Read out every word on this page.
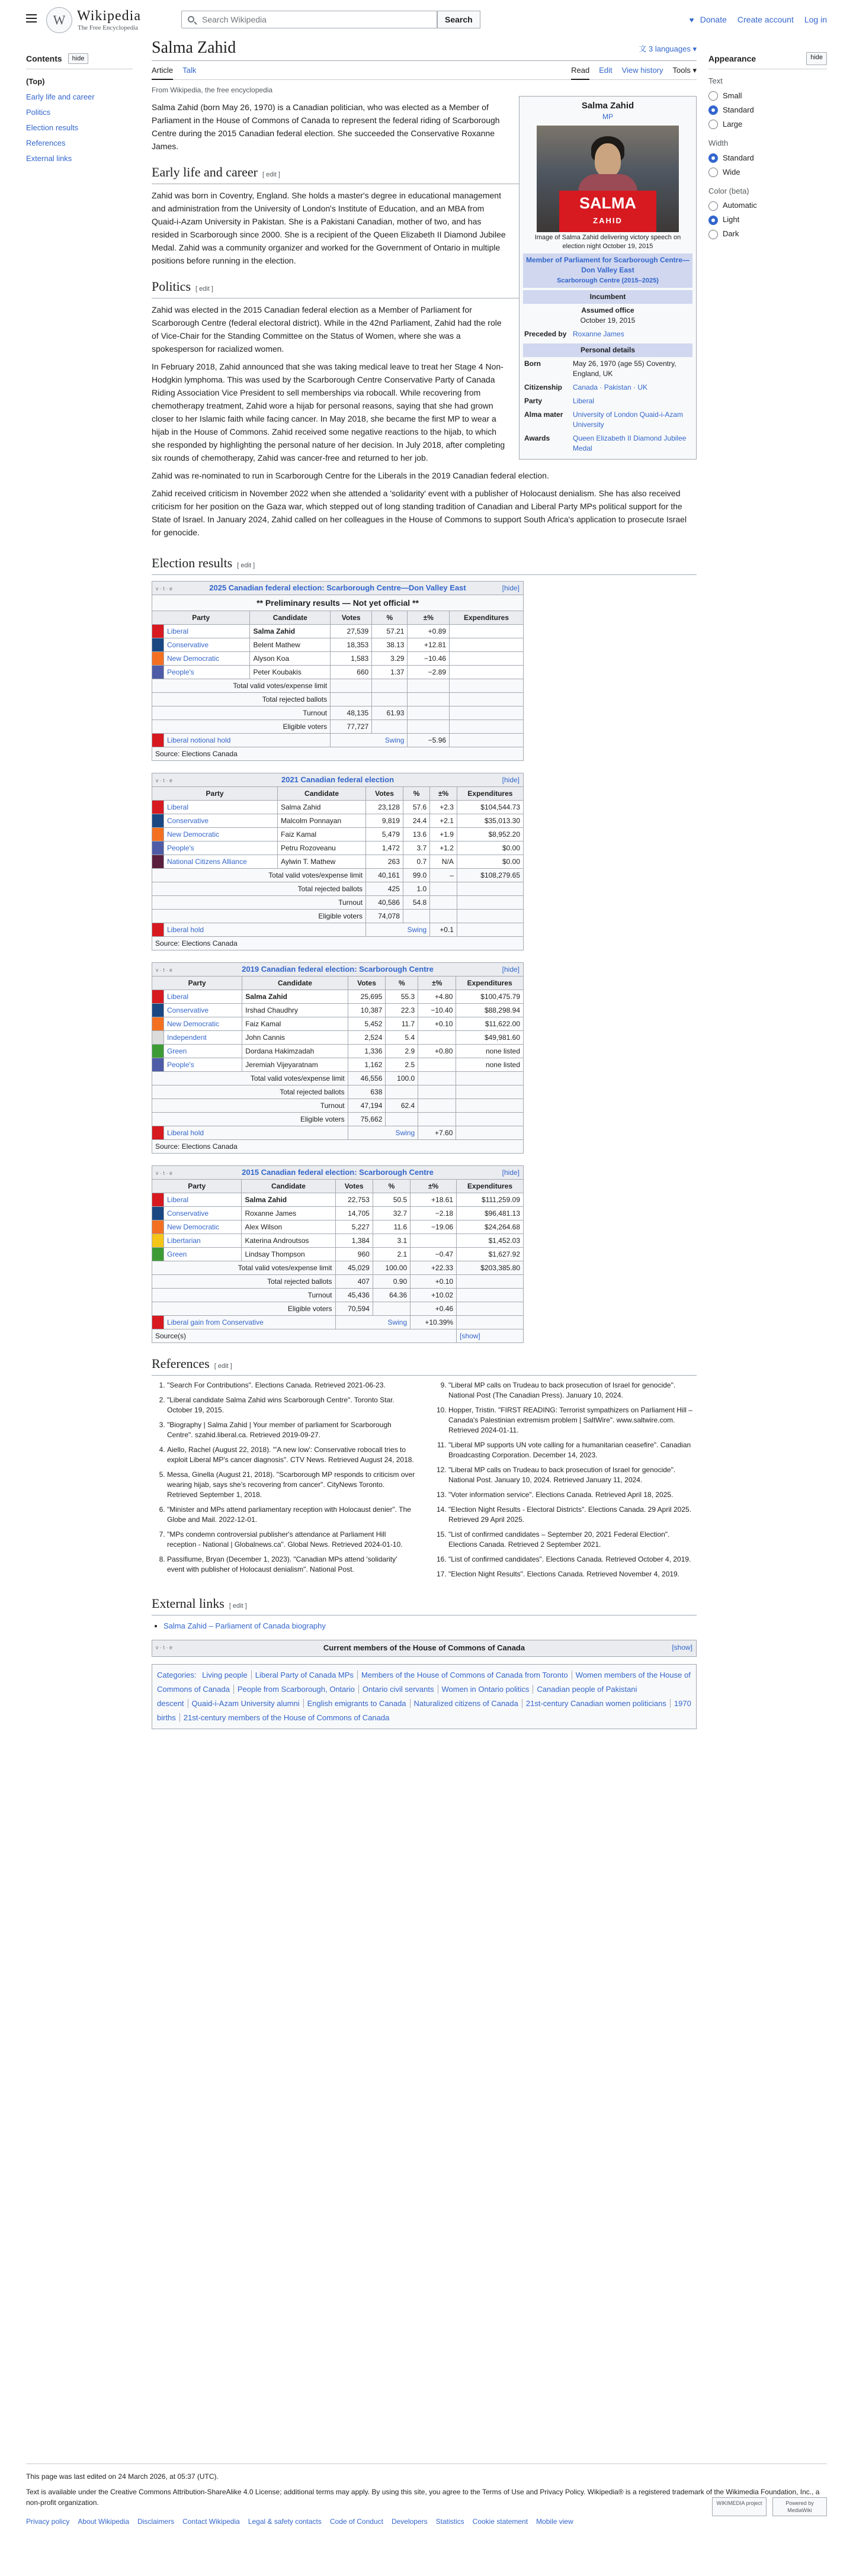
W Wikipedia
The Free Encyclopedia
Search Wikipedia	Search	♥ Donate Create account Log in
Contents	hide
(Top)
Early life and career
Politics
Election results
References
External links
Appearance	hide
Text
Small
Standard
Large
Width
Standard
Wide
Color (beta)
Automatic
Light
Dark
Salma Zahid	文 3 languages ▾
Article Talk	Read Edit View history Tools ▾
From Wikipedia, the free encyclopedia
Salma Zahid
MP
SALMA
ZAHID
Image of Salma Zahid delivering victory speech on election night October 19, 2015
Member of Parliament for Scarborough Centre—Don Valley East
Scarborough Centre (2015–2025)
Incumbent
Assumed office
October 19, 2015
Preceded by Roxanne James
Personal details
Born	May 26, 1970 (age 55) Coventry, England, UK
Citizenship	Canada · Pakistan · UK
Party	Liberal
Alma mater	University of London Quaid-i-Azam University
Awards	Queen Elizabeth II Diamond Jubilee Medal

Salma Zahid (born May 26, 1970) is a Canadian politician, who was elected as a Member of Parliament in the House of Commons of Canada to represent the federal riding of Scarborough Centre during the 2015 Canadian federal election. She succeeded the Conservative Roxanne James.

Early life and career [ edit ]

Zahid was born in Coventry, England. She holds a master's degree in educational management and administration from the University of London's Institute of Education, and an MBA from Quaid-i-Azam University in Pakistan. She is a Pakistani Canadian, mother of two, and has resided in Scarborough since 2000. She is a recipient of the Queen Elizabeth II Diamond Jubilee Medal. Zahid was a community organizer and worked for the Government of Ontario in multiple positions before running in the election.

Politics [ edit ]

Zahid was elected in the 2015 Canadian federal election as a Member of Parliament for Scarborough Centre (federal electoral district). While in the 42nd Parliament, Zahid had the role of Vice-Chair for the Standing Committee on the Status of Women, where she was a spokesperson for racialized women.

In February 2018, Zahid announced that she was taking medical leave to treat her Stage 4 Non-Hodgkin lymphoma. This was used by the Scarborough Centre Conservative Party of Canada Riding Association Vice President to sell memberships via robocall. While recovering from chemotherapy treatment, Zahid wore a hijab for personal reasons, saying that she had grown closer to her Islamic faith while facing cancer. In May 2018, she became the first MP to wear a hijab in the House of Commons. Zahid received some negative reactions to the hijab, to which she responded by highlighting the personal nature of her decision. In July 2018, after completing six rounds of chemotherapy, Zahid was cancer-free and returned to her job.

Zahid was re-nominated to run in Scarborough Centre for the Liberals in the 2019 Canadian federal election.

Zahid received criticism in November 2022 when she attended a 'solidarity' event with a publisher of Holocaust denialism. She has also received criticism for her position on the Gaza war, which stepped out of long standing tradition of Canadian and Liberal Party MPs political support for the State of Israel. In January 2024, Zahid called on her colleagues in the House of Commons to support South Africa's application to prosecute Israel for genocide.

Election results [ edit ]
v · t · e	2025 Canadian federal election: Scarborough Centre—Don Valley East	[hide]
** Preliminary results — Not yet official **						
Party		Candidate	Votes	%	±%	Expenditures
	Liberal	Salma Zahid	27,539	57.21	+0.89	
	Conservative	Belent Mathew	18,353	38.13	+12.81	
	New Democratic	Alyson Koa	1,583	3.29	−10.46	
	People's	Peter Koubakis	660	1.37	−2.89	
Total valid votes/expense limit						
Total rejected ballots						
Turnout			48,135	61.93		
Eligible voters			77,727			
	Liberal notional hold		Swing		−5.96	
Source: Elections Canada						
v · t · e	2021 Canadian federal election	[hide]
Party		Candidate	Votes	%	±%	Expenditures
	Liberal	Salma Zahid	23,128	57.6	+2.3	$104,544.73
	Conservative	Malcolm Ponnayan	9,819	24.4	+2.1	$35,013.30
	New Democratic	Faiz Kamal	5,479	13.6	+1.9	$8,952.20
	People's	Petru Rozoveanu	1,472	3.7	+1.2	$0.00
	National Citizens Alliance	Aylwin T. Mathew	263	0.7	N/A	$0.00
Total valid votes/expense limit			40,161	99.0	–	$108,279.65
Total rejected ballots			425	1.0		
Turnout			40,586	54.8		
Eligible voters			74,078			
	Liberal hold		Swing		+0.1	
Source: Elections Canada						
v · t · e	2019 Canadian federal election: Scarborough Centre	[hide]
Party		Candidate	Votes	%	±%	Expenditures
	Liberal	Salma Zahid	25,695	55.3	+4.80	$100,475.79
	Conservative	Irshad Chaudhry	10,387	22.3	−10.40	$88,298.94
	New Democratic	Faiz Kamal	5,452	11.7	+0.10	$11,622.00
	Independent	John Cannis	2,524	5.4		$49,981.60
	Green	Dordana Hakimzadah	1,336	2.9	+0.80	none listed
	People's	Jeremiah Vijeyaratnam	1,162	2.5		none listed
Total valid votes/expense limit			46,556	100.0		
Total rejected ballots			638			
Turnout			47,194	62.4		
Eligible voters			75,662			
	Liberal hold		Swing		+7.60	
Source: Elections Canada						
v · t · e	2015 Canadian federal election: Scarborough Centre	[hide]
Party		Candidate	Votes	%	±%	Expenditures
	Liberal	Salma Zahid	22,753	50.5	+18.61	$111,259.09
	Conservative	Roxanne James	14,705	32.7	−2.18	$96,481.13
	New Democratic	Alex Wilson	5,227	11.6	−19.06	$24,264.68
	Libertarian	Katerina Androutsos	1,384	3.1		$1,452.03
	Green	Lindsay Thompson	960	2.1	−0.47	$1,627.92
Total valid votes/expense limit			45,029	100.00	+22.33	$203,385.80
Total rejected ballots			407	0.90	+0.10	
Turnout			45,436	64.36	+10.02	
Eligible voters			70,594		+0.46	
	Liberal gain from Conservative		Swing		+10.39%	
Source(s)						[show]
References [ edit ]
1. "Search For Contributions". Elections Canada. Retrieved 2021-06-23.
2. "Liberal candidate Salma Zahid wins Scarborough Centre". Toronto Star. October 19, 2015.
3. "Biography | Salma Zahid | Your member of parliament for Scarborough Centre". szahid.liberal.ca. Retrieved 2019-09-27.
4. Aiello, Rachel (August 22, 2018). "'A new low': Conservative robocall tries to exploit Liberal MP's cancer diagnosis". CTV News. Retrieved August 24, 2018.
5. Messa, Ginella (August 21, 2018). "Scarborough MP responds to criticism over wearing hijab, says she's recovering from cancer". CityNews Toronto. Retrieved September 1, 2018.
6. "Minister and MPs attend parliamentary reception with Holocaust denier". The Globe and Mail. 2022-12-01.
7. "MPs condemn controversial publisher's attendance at Parliament Hill reception - National | Globalnews.ca". Global News. Retrieved 2024-01-10.
8. Passifiume, Bryan (December 1, 2023). "Canadian MPs attend 'solidarity' event with publisher of Holocaust denialism". National Post.
9. "Liberal MP calls on Trudeau to back prosecution of Israel for genocide". National Post (The Canadian Press). January 10, 2024.
10. Hopper, Tristin. "FIRST READING: Terrorist sympathizers on Parliament Hill – Canada's Palestinian extremism problem | SaltWire". www.saltwire.com. Retrieved 2024-01-11.
11. "Liberal MP supports UN vote calling for a humanitarian ceasefire". Canadian Broadcasting Corporation. December 14, 2023.
12. "Liberal MP calls on Trudeau to back prosecution of Israel for genocide". National Post. January 10, 2024. Retrieved January 11, 2024.
13. "Voter information service". Elections Canada. Retrieved April 18, 2025.
14. "Election Night Results - Electoral Districts". Elections Canada. 29 April 2025. Retrieved 29 April 2025.
15. "List of confirmed candidates – September 20, 2021 Federal Election". Elections Canada. Retrieved 2 September 2021.
16. "List of confirmed candidates". Elections Canada. Retrieved October 4, 2019.
17. "Election Night Results". Elections Canada. Retrieved November 4, 2019.
External links [ edit ]
• Salma Zahid – Parliament of Canada biography
v · t · e	Current members of the House of Commons of Canada	[show]
Categories: Living people Liberal Party of Canada MPs Members of the House of Commons of Canada from Toronto Women members of the House of Commons of Canada People from Scarborough, Ontario Ontario civil servants Women in Ontario politics Canadian people of Pakistani descent Quaid-i-Azam University alumni English emigrants to Canada Naturalized citizens of Canada 21st-century Canadian women politicians 1970 births 21st-century members of the House of Commons of Canada
This page was last edited on 24 March 2026, at 05:37 (UTC).
Text is available under the Creative Commons Attribution-ShareAlike 4.0 License; additional terms may apply. By using this site, you agree to the Terms of Use and Privacy Policy. Wikipedia® is a registered trademark of the Wikimedia Foundation, Inc., a non-profit organization.
Privacy policy About Wikipedia Disclaimers Contact Wikipedia Legal & safety contacts Code of Conduct Developers Statistics Cookie statement Mobile view
WIKIMEDIA project	Powered by MediaWiki
